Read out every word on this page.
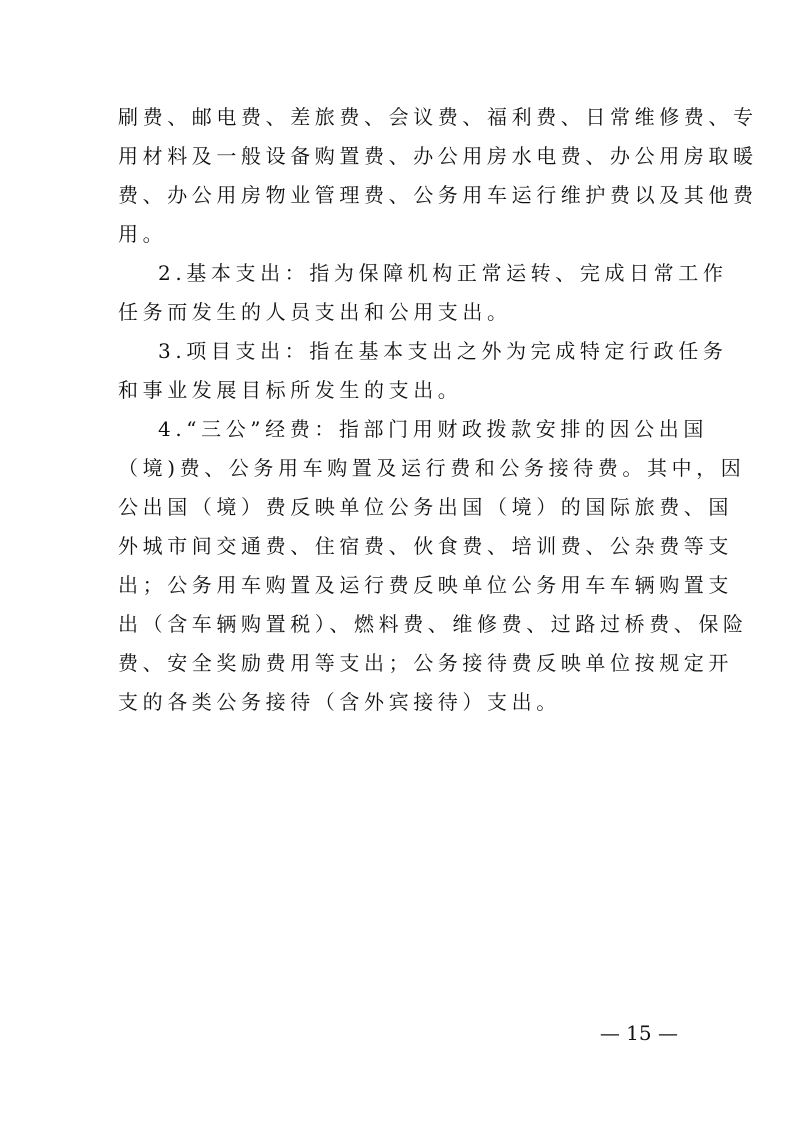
刷费、邮电费、差旅费、会议费、福利费、日常维修费、专
用材料及一般设备购置费、办公用房水电费、办公用房取暖
费、办公用房物业管理费、公务用车运行维护费以及其他费
用。
2.基本支出：指为保障机构正常运转、完成日常工作
任务而发生的人员支出和公用支出。
3.项目支出：指在基本支出之外为完成特定行政任务
和事业发展目标所发生的支出。
4.“三公”经费：指部门用财政拨款安排的因公出国
（境)费、公务用车购置及运行费和公务接待费。其中，因
公出国（境）费反映单位公务出国（境）的国际旅费、国
外城市间交通费、住宿费、伙食费、培训费、公杂费等支
出；公务用车购置及运行费反映单位公务用车车辆购置支
出（含车辆购置税）、燃料费、维修费、过路过桥费、保险
费、安全奖励费用等支出；公务接待费反映单位按规定开
支的各类公务接待（含外宾接待）支出。
— 15 —
